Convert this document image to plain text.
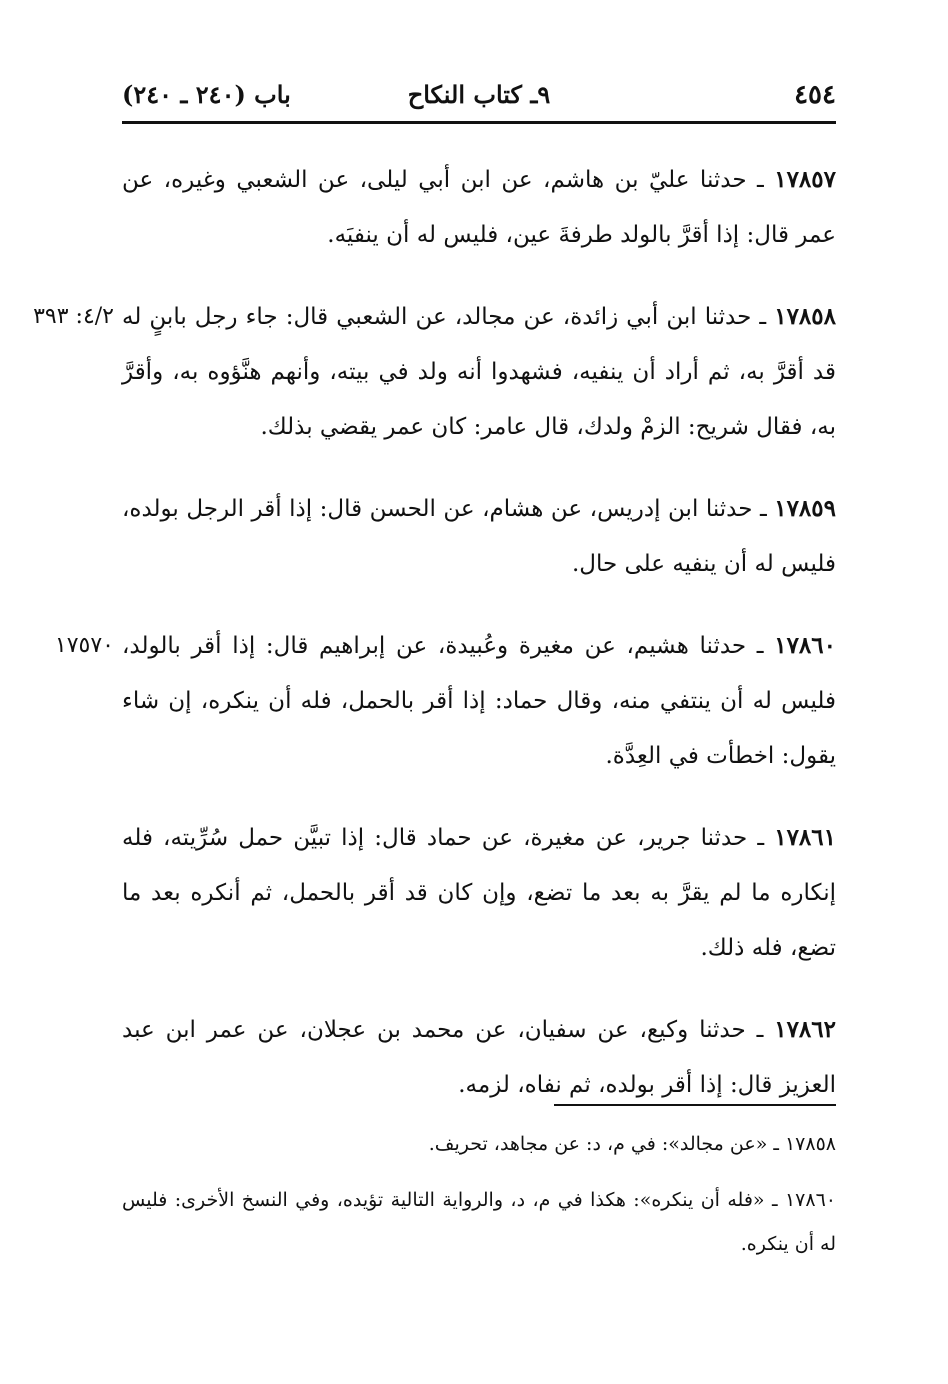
٤٥٤
٩ـ كتاب النكاح
باب (٢٤٠ ـ ٢٤٠)

١٧٨٥٧ ـ حدثنا عليّ بن هاشم، عن ابن أبي ليلى، عن الشعبي وغيره، عن عمر قال: إذا أقرَّ بالولد طرفةَ عين، فليس له أن ينفيَه.

٤/٢: ٣٩٣	١٧٨٥٨ ـ حدثنا ابن أبي زائدة، عن مجالد، عن الشعبي قال: جاء رجل بابنٍ له قد أقرَّ به، ثم أراد أن ينفيه، فشهدوا أنه ولد في بيته، وأنهم هنَّؤوه به، وأقرَّ به، فقال شريح: الزمْ ولدك، قال عامر: كان عمر يقضي بذلك.

١٧٨٥٩ ـ حدثنا ابن إدريس، عن هشام، عن الحسن قال: إذا أقر الرجل بولده، فليس له أن ينفيه على حال.

١٧٥٧٠	١٧٨٦٠ ـ حدثنا هشيم، عن مغيرة وعُبيدة، عن إبراهيم قال: إذا أقر بالولد، فليس له أن ينتفي منه، وقال حماد: إذا أقر بالحمل، فله أن ينكره، إن شاء يقول: اخطأت في العِدَّة.

١٧٨٦١ ـ حدثنا جرير، عن مغيرة، عن حماد قال: إذا تبيَّن حمل سُرِّيته، فله إنكاره ما لم يقرَّ به بعد ما تضع، وإن كان قد أقر بالحمل، ثم أنكره بعد ما تضع، فله ذلك.

١٧٨٦٢ ـ حدثنا وكيع، عن سفيان، عن محمد بن عجلان، عن عمر ابن عبد العزيز قال: إذا أقر بولده، ثم نفاه، لزمه.

١٧٨٥٨ ـ «عن مجالد»: في م، د: عن مجاهد، تحريف.

١٧٨٦٠ ـ «فله أن ينكره»: هكذا في م، د، والرواية التالية تؤيده، وفي النسخ الأخرى: فليس له أن ينكره.
